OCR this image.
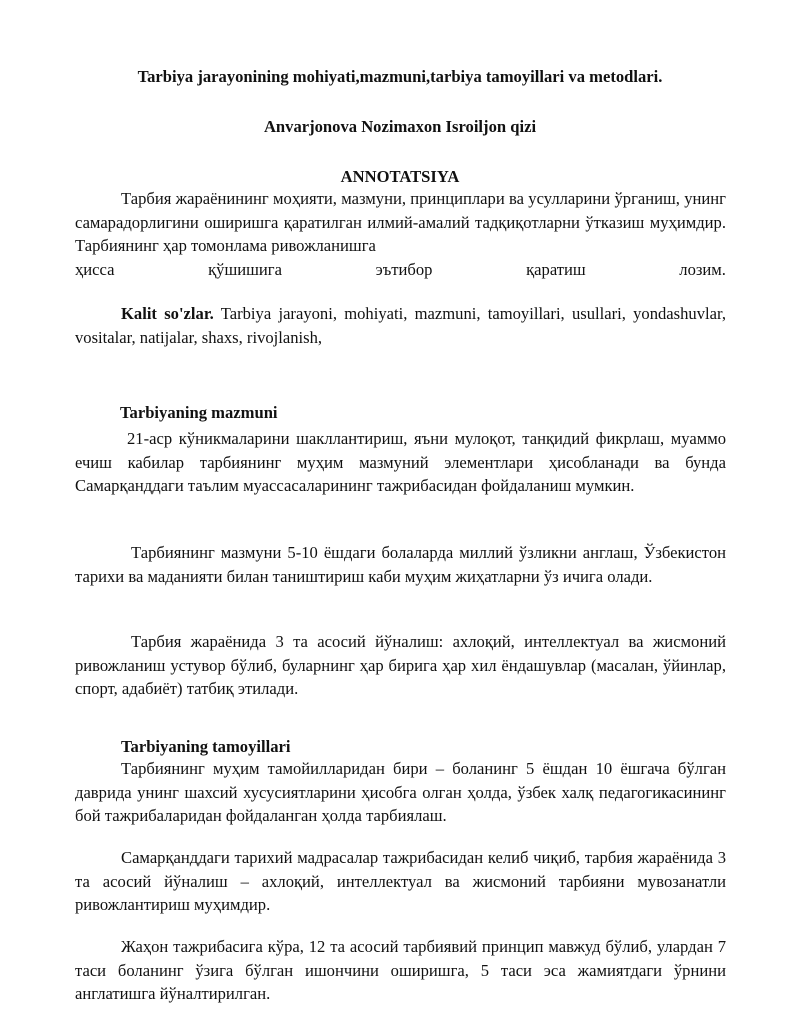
Tarbiya jarayonining mohiyati,mazmuni,tarbiya tamoyillari va metodlari.
Anvarjonova Nozimaxon Isroiljon qizi
ANNOTATSIYA
Тарбия жараёнининг моҳияти, мазмуни, принциплари ва усулларини ўрганиш, унинг самарадорлигини оширишга қаратилган илмий-амалий тадқиқотларни ўтказиш муҳимдир. Тарбиянинг ҳар томонлама ривожланишга
ҳисса	қўшишига	эътибор	қаратиш	лозим.
Kalit so'zlar. Tarbiya jarayoni, mohiyati, mazmuni, tamoyillari, usullari, yondashuvlar, vositalar, natijalar, shaxs, rivojlanish,
Tarbiyaning mazmuni

21-аср кўникмаларини шакллантириш, яъни мулоқот, танқидий фикрлаш, муаммо ечиш кабилар тарбиянинг муҳим мазмуний элементлари ҳисобланади ва бунда Самарқанддаги таълим муассасаларининг тажрибасидан фойдаланиш мумкин.

Тарбиянинг мазмуни 5-10 ёшдаги болаларда миллий ўзликни англаш, Ўзбекистон тарихи ва маданияти билан таништириш каби муҳим жиҳатларни ўз ичига олади.

Тарбия жараёнида 3 та асосий йўналиш: ахлоқий, интеллектуал ва жисмоний ривожланиш устувор бўлиб, буларнинг ҳар бирига ҳар хил ёндашувлар (масалан, ўйинлар, спорт, адабиёт) татбиқ этилади.

Tarbiyaning tamoyillari

Тарбиянинг муҳим тамойилларидан бири – боланинг 5 ёшдан 10 ёшгача бўлган даврида унинг шахсий хусусиятларини ҳисобга олган ҳолда, ўзбек халқ педагогикасининг бой тажрибаларидан фойдаланган ҳолда тарбиялаш.

Самарқанддаги тарихий мадрасалар тажрибасидан келиб чиқиб, тарбия жараёнида 3 та асосий йўналиш – ахлоқий, интеллектуал ва жисмоний тарбияни мувозанатли ривожлантириш муҳимдир.

Жаҳон тажрибасига кўра, 12 та асосий тарбиявий принцип мавжуд бўлиб, улардан 7 таси боланинг ўзига бўлган ишончини оширишга, 5 таси эса жамиятдаги ўрнини англатишга йўналтирилган.
